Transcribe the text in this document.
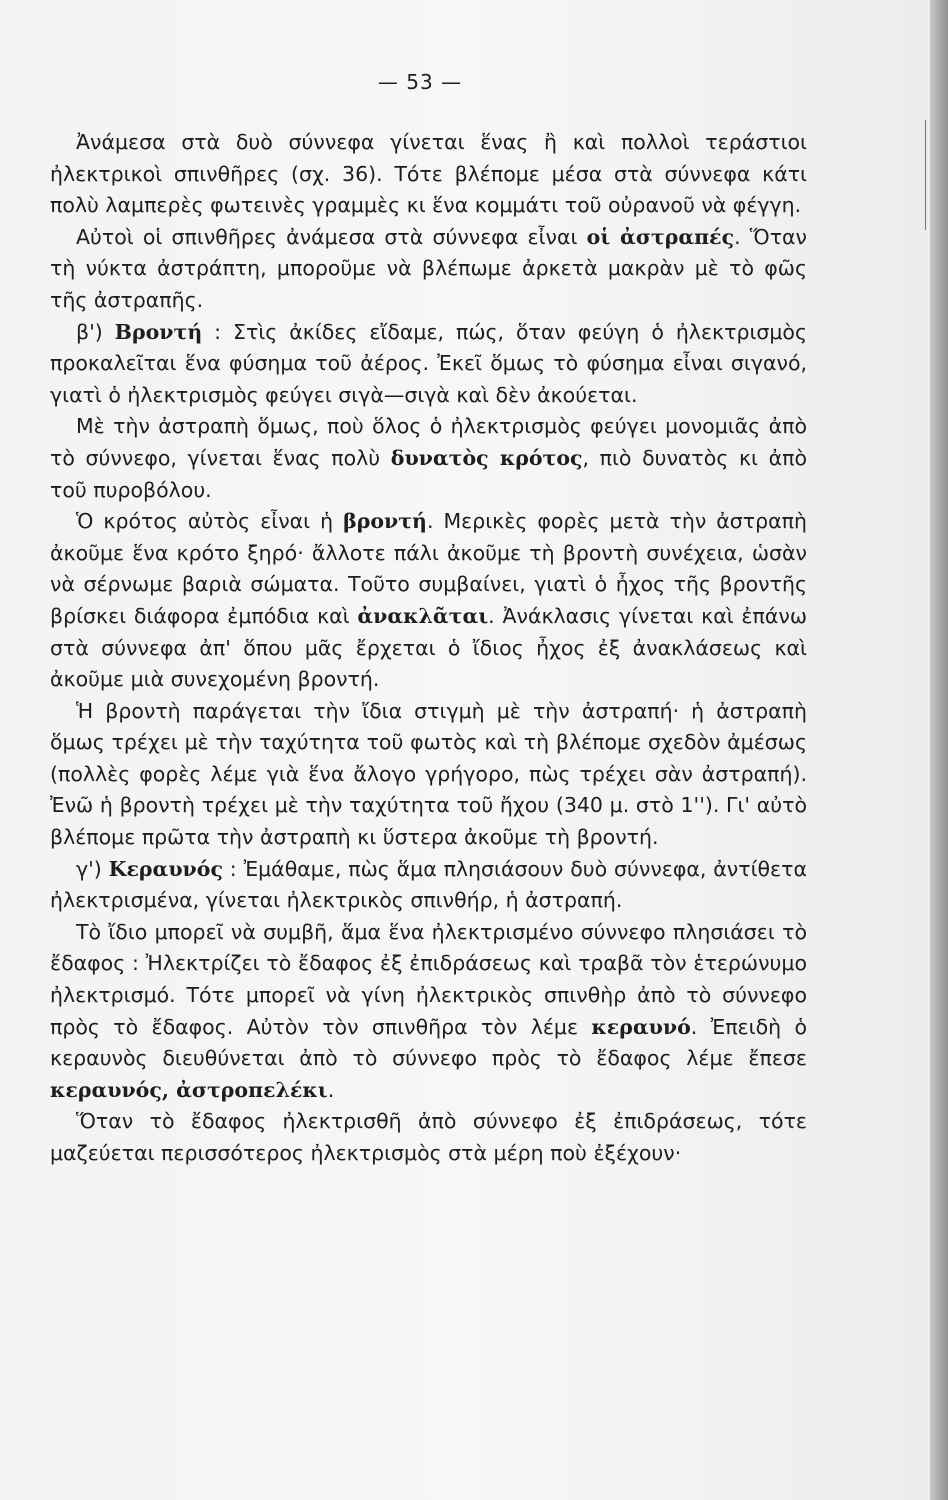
— 53 —

Ἀνάμεσα στὰ δυὸ σύννεφα γίνεται ἕνας ἢ καὶ πολλοὶ τεράστιοι ἠλεκτρικοὶ σπινθῆρες (σχ. 36). Τότε βλέπομε μέσα στὰ σύννεφα κάτι πολὺ λαμπερὲς φωτεινὲς γραμμὲς κι ἕνα κομμάτι τοῦ οὐρανοῦ νὰ φέγγη.

Αὐτοὶ οἱ σπινθῆρες ἀνάμεσα στὰ σύννεφα εἶναι οἱ ἀστραπές. Ὅταν τὴ νύκτα ἀστράπτη, μποροῦμε νὰ βλέπωμε ἀρκετὰ μακρὰν μὲ τὸ φῶς τῆς ἀστραπῆς.

β') Βροντή : Στὶς ἀκίδες εἴδαμε, πώς, ὅταν φεύγη ὁ ἠλεκτρισμὸς προκαλεῖται ἕνα φύσημα τοῦ ἀέρος. Ἐκεῖ ὅμως τὸ φύσημα εἶναι σιγανό, γιατὶ ὁ ἠλεκτρισμὸς φεύγει σιγὰ—σιγὰ καὶ δὲν ἀκούεται.

Μὲ τὴν ἀστραπὴ ὅμως, ποὺ ὅλος ὁ ἠλεκτρισμὸς φεύγει μονομιᾶς ἀπὸ τὸ σύννεφο, γίνεται ἕνας πολὺ δυνατὸς κρότος, πιὸ δυνατὸς κι ἀπὸ τοῦ πυροβόλου.

Ὁ κρότος αὐτὸς εἶναι ἡ βροντή. Μερικὲς φορὲς μετὰ τὴν ἀστραπὴ ἀκοῦμε ἕνα κρότο ξηρό· ἄλλοτε πάλι ἀκοῦμε τὴ βροντὴ συνέχεια, ὡσὰν νὰ σέρνωμε βαριὰ σώματα. Τοῦτο συμβαίνει, γιατὶ ὁ ἦχος τῆς βροντῆς βρίσκει διάφορα ἐμπόδια καὶ ἀνακλᾶται. Ἀνάκλασις γίνεται καὶ ἐπάνω στὰ σύννεφα ἀπ' ὅπου μᾶς ἔρχεται ὁ ἴδιος ἦχος ἐξ ἀνακλάσεως καὶ ἀκοῦμε μιὰ συνεχομένη βροντή.

Ἡ βροντὴ παράγεται τὴν ἴδια στιγμὴ μὲ τὴν ἀστραπή· ἡ ἀστραπὴ ὅμως τρέχει μὲ τὴν ταχύτητα τοῦ φωτὸς καὶ τὴ βλέπομε σχεδὸν ἀμέσως (πολλὲς φορὲς λέμε γιὰ ἕνα ἄλογο γρήγορο, πὼς τρέχει σὰν ἀστραπή). Ἐνῶ ἡ βροντὴ τρέχει μὲ τὴν ταχύτητα τοῦ ἤχου (340 μ. στὸ 1''). Γι' αὐτὸ βλέπομε πρῶτα τὴν ἀστραπὴ κι ὕστερα ἀκοῦμε τὴ βροντή.

γ') Κεραυνός : Ἐμάθαμε, πὼς ἅμα πλησιάσουν δυὸ σύννεφα, ἀντίθετα ἠλεκτρισμένα, γίνεται ἠλεκτρικὸς σπινθήρ, ἡ ἀστραπή.

Τὸ ἴδιο μπορεῖ νὰ συμβῆ, ἅμα ἕνα ἠλεκτρισμένο σύννεφο πλησιάσει τὸ ἔδαφος : Ἠλεκτρίζει τὸ ἔδαφος ἐξ ἐπιδράσεως καὶ τραβᾶ τὸν ἑτερώνυμο ἠλεκτρισμό. Τότε μπορεῖ νὰ γίνη ἠλεκτρικὸς σπινθὴρ ἀπὸ τὸ σύννεφο πρὸς τὸ ἔδαφος. Αὐτὸν τὸν σπινθῆρα τὸν λέμε κεραυνό. Ἐπειδὴ ὁ κεραυνὸς διευθύνεται ἀπὸ τὸ σύννεφο πρὸς τὸ ἔδαφος λέμε ἔπεσε κεραυνός, ἀστροπελέκι.

Ὅταν τὸ ἔδαφος ἠλεκτρισθῆ ἀπὸ σύννεφο ἐξ ἐπιδράσεως, τότε μαζεύεται περισσότερος ἠλεκτρισμὸς στὰ μέρη ποὺ ἐξέχουν·
